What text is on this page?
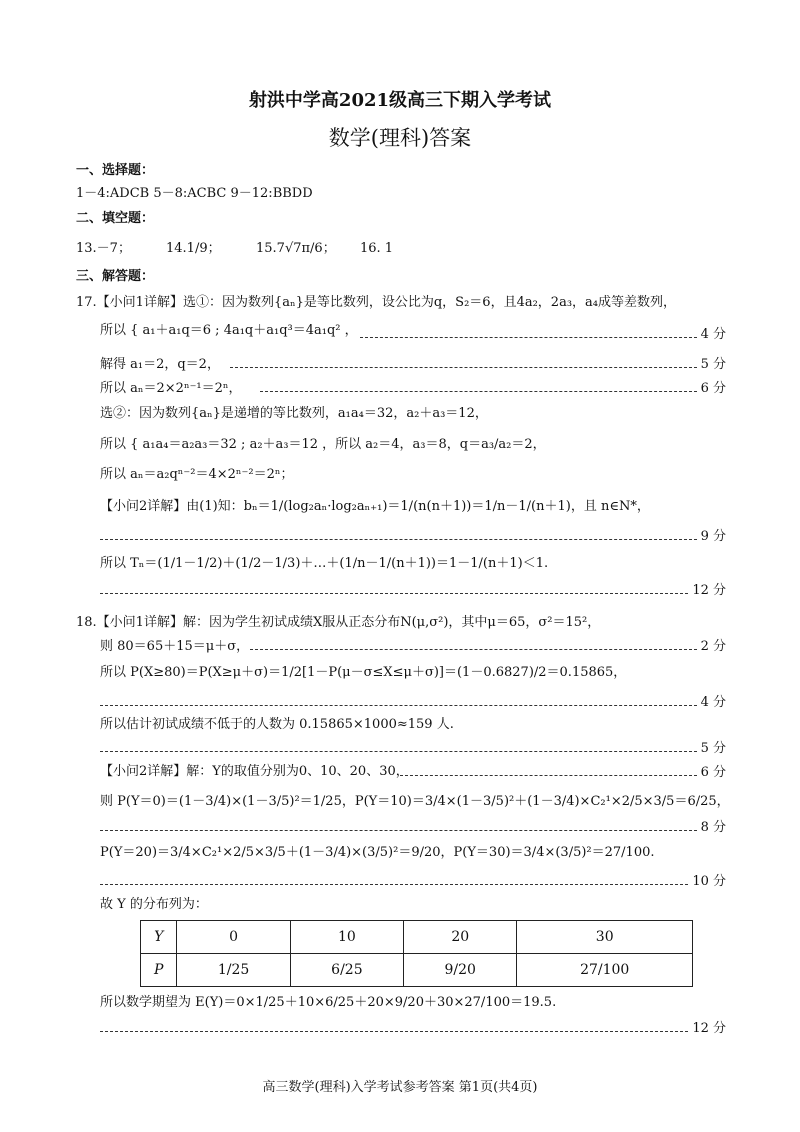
射洪中学高2021级高三下期入学考试
数学(理科)答案
一、选择题：
1－4:ADCB 5－8:ACBC 9－12:BBDD
二、填空题：
13.－7；	14.1/9；	15.7√7π/6； 16. 1
三、解答题：
17.【小问1详解】选①：因为数列{aₙ}是等比数列，设公比为q，S₂＝6，且4a₂，2a₃，a₄成等差数列，
所以 { a₁＋a₁q＝6 ; 4a₁q＋a₁q³＝4a₁q² ，	4 分
解得 a₁＝2，q＝2，	5 分
所以 aₙ＝2×2ⁿ⁻¹＝2ⁿ，	6 分
选②：因为数列{aₙ}是递增的等比数列，a₁a₄＝32，a₂＋a₃＝12，
所以 { a₁a₄＝a₂a₃＝32 ; a₂＋a₃＝12 ，所以 a₂＝4，a₃＝8，q＝a₃/a₂＝2，
所以 aₙ＝a₂qⁿ⁻²＝4×2ⁿ⁻²＝2ⁿ；
【小问2详解】由(1)知：bₙ＝1/(log₂aₙ·log₂aₙ₊₁)＝1/(n(n＋1))＝1/n－1/(n＋1)，且 n∈N*，
9 分
所以 Tₙ＝(1/1－1/2)＋(1/2－1/3)＋…＋(1/n－1/(n＋1))＝1－1/(n＋1)＜1.
12 分
18.【小问1详解】解：因为学生初试成绩X服从正态分布N(μ,σ²)，其中μ＝65，σ²＝15²，
则 80＝65＋15＝μ＋σ，	2 分
所以 P(X≥80)＝P(X≥μ＋σ)＝1/2[1－P(μ－σ≤X≤μ＋σ)]＝(1－0.6827)/2＝0.15865，
4 分
所以估计初试成绩不低于的人数为 0.15865×1000≈159 人.
5 分
【小问2详解】解：Y的取值分别为0、10、20、30，	6 分
则 P(Y＝0)＝(1－3/4)×(1－3/5)²＝1/25，P(Y＝10)＝3/4×(1－3/5)²＋(1－3/4)×C₂¹×2/5×3/5＝6/25，
8 分
P(Y＝20)＝3/4×C₂¹×2/5×3/5＋(1－3/4)×(3/5)²＝9/20，P(Y＝30)＝3/4×(3/5)²＝27/100.
10 分
故 Y 的分布列为：
Y	0	10	20	30
P	1/25	6/25	9/20	27/100
所以数学期望为 E(Y)＝0×1/25＋10×6/25＋20×9/20＋30×27/100＝19.5.
12 分
高三数学(理科)入学考试参考答案 第1页(共4页)
